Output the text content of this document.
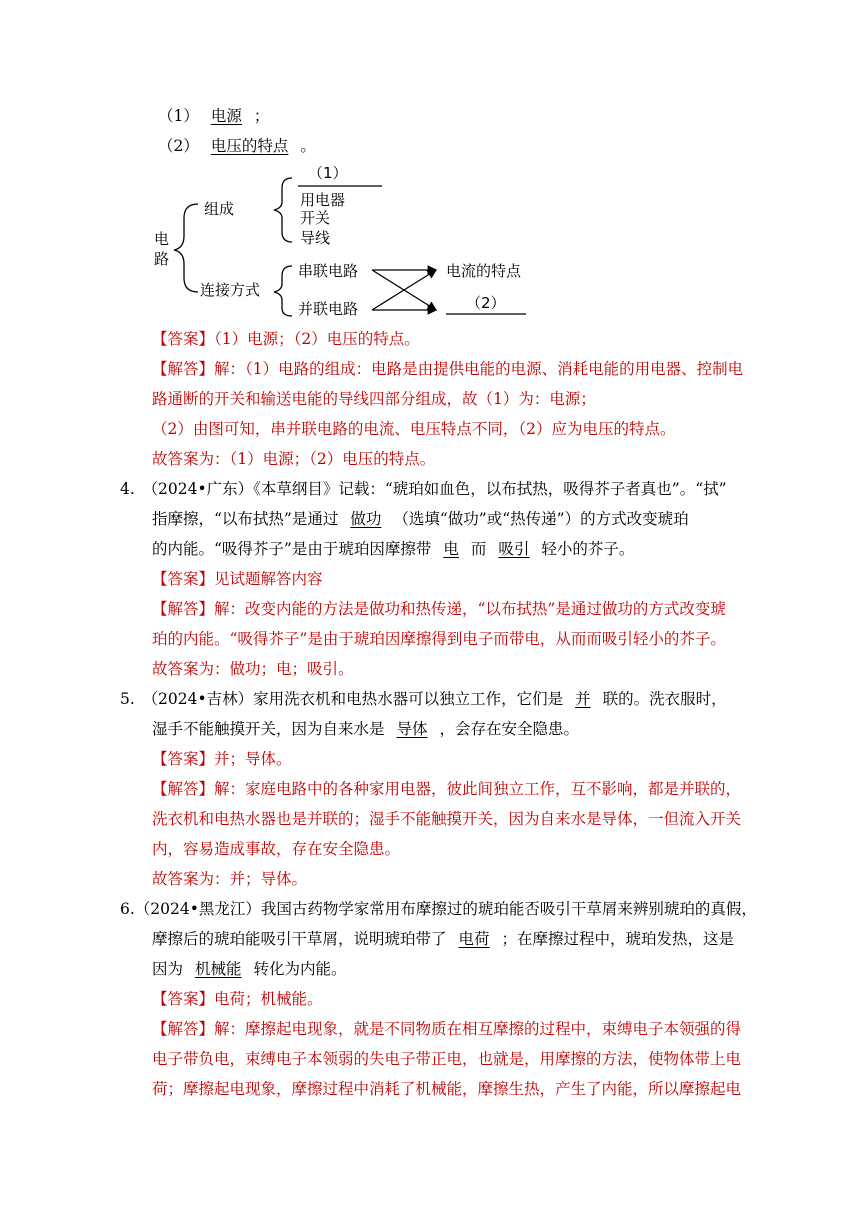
（1） 电源 ；

（2） 电压的特点 。

电
路
组成
连接方式
（1）
用电器
开关
导线
串联电路
并联电路
电流的特点
（2）

【答案】（1）电源；（2）电压的特点。

【解答】解：（1）电路的组成：电路是由提供电能的电源、消耗电能的用电器、控制电

路通断的开关和输送电能的导线四部分组成，故（1）为：电源；

（2）由图可知，串并联电路的电流、电压特点不同，（2）应为电压的特点。

故答案为：（1）电源；（2）电压的特点。

4.　（2024•广东）《本草纲目》记载：“琥珀如血色，以布拭热，吸得芥子者真也”。“拭”

指摩擦，“以布拭热”是通过 做功 （选填“做功”或“热传递”）的方式改变琥珀

的内能。“吸得芥子”是由于琥珀因摩擦带 电 而 吸引 轻小的芥子。

【答案】见试题解答内容

【解答】解：改变内能的方法是做功和热传递，“以布拭热”是通过做功的方式改变琥

珀的内能。“吸得芥子”是由于琥珀因摩擦得到电子而带电，从而而吸引轻小的芥子。

故答案为：做功；电；吸引。

5.　（2024•吉林）家用洗衣机和电热水器可以独立工作，它们是 并 联的。洗衣服时，

湿手不能触摸开关，因为自来水是 导体 ，会存在安全隐患。

【答案】并；导体。

【解答】解：家庭电路中的各种家用电器，彼此间独立工作，互不影响，都是并联的，

洗衣机和电热水器也是并联的；湿手不能触摸开关，因为自来水是导体，一但流入开关

内，容易造成事故，存在安全隐患。

故答案为：并；导体。

6.（2024•黑龙江）我国古药物学家常用布摩擦过的琥珀能否吸引干草屑来辨别琥珀的真假，

摩擦后的琥珀能吸引干草屑，说明琥珀带了 电荷 ；在摩擦过程中，琥珀发热，这是

因为 机械能 转化为内能。

【答案】电荷；机械能。

【解答】解：摩擦起电现象，就是不同物质在相互摩擦的过程中，束缚电子本领强的得

电子带负电，束缚电子本领弱的失电子带正电，也就是，用摩擦的方法，使物体带上电

荷；摩擦起电现象，摩擦过程中消耗了机械能，摩擦生热，产生了内能，所以摩擦起电
